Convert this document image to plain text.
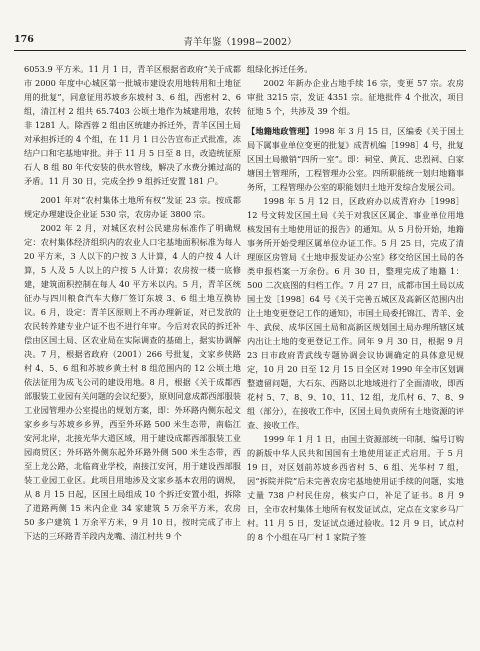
176	青羊年鉴（1998−2002）

6053.9 平方米。11 月 1 日，青羊区根据省政府“关于成都市 2000 年度中心城区第一批城市建设农用地转用和土地征用的批复”，同意征用苏坡乡东坡村 3、6 组，西密村 2、6 组，清江村 2 组共 65.7403 公顷土地作为城建用地，农转非 1281 人。除西蓉 2 组由区统建办拆迁外，青羊区国土局对承担拆迁的 4 个组，在 11 月 1 日公告宣布正式批准，冻结户口和宅基地审批。并于 11 月 5 日至 8 日，改造统征原石人 8 组 80 年代安装的供水管线，解决了水费分摊过高的矛盾。11 月 30 日，完成全抄 9 组拆迁安置 181 户。

2001 年对“农村集体土地所有权”发证 23 宗。按成都规定办理建设企业证 530 宗，农房办证 3800 宗。

2002 年 2 月，对城区农村公民建房标准作了明确规定：农村集体经济组织内的农业人口宅基地面积标准为每人 20 平方米，3 人以下的户按 3 人计算，4 人的户按 4 人计算，5 人及 5 人以上的户按 5 人计算；农房按一楼一底修建，建筑面积控制在每人 40 平方米以内。5 月，青羊区统征办与四川粮食汽车大修厂签订东坡 3、6 组土地互换协议。6 月，设定：青羊区原则上不再办理新证，对已发放的农民转养建专业户证不也不进行年审。今后对农民的拆迁补偿由区国土局、区农业局在实际调查的基础上，据实协调解决。7 月，根据省政府（2001）266 号批复，文家乡侠路村 4、5、6 组和苏坡乡黄土村 8 组范围内的 12 公顷土地依法征用为成飞公司的建设用地。8 月，根据《关于成都西部服装工业园有关问题的会议纪要》，原则同意成都西部服装工业园管理办公室提出的规划方案，即：外环路内侧东起文家乡乡与苏坡乡乡界，西至外环路 500 米生态带，南临江安河北岸，北接光华大道区域，用于建设成都西部服装工业园商贸区；外环路外侧东起外环路外侧 500 米生态带，西至上龙公路，北临商业学校，南接江安河，用于建设西部服装工业园工业区。此项目用地涉及文家乡基本农用的调规，从 8 月 15 日起，区国土局组成 10 个拆迁安置小组，拆除了道路两侧 15 米内企业 34 家建筑 5 万余平方米，农房 50 多户建筑 1 万余平方米，9 月 10 日，按时完成了市上下达的三环路青羊段内龙嘴、清江村共 9 个

组绿化拆迁任务。

2002 年新办企业占地手续 16 宗，变更 57 宗。农房审批 3215 宗，发证 4351 宗。征地批件 4 个批次，项目征地 5 个，共涉及 39 个组。

【地籍地政管理】1998 年 3 月 15 日，区编委《关于国土局下属事业单位变更的批复》成青机编［1998］4 号，批复区国土局撤销“四所一室”。即：祠堂、黄瓦、忠烈祠、白家塘国土管理所，工程管理办公室。四所职能统一划归地籍事务所，工程管理办公室的职能划归土地开发综合发展公司。

1998 年 5 月 12 日，区政府办以成青府办［1998］12 号文转发区国土局《关于对我区区属企、事业单位用地核发国有土地使用证的报告》的通知。从 5 月份开始，地籍事务所开始受理区属单位办证工作。5 月 25 日，完成了清理原区房管局《土地申报发证办公室》移交给区国土局的各类申报档案一万余份。6 月 30 日，整理完成了地籍 1：500 二次底图的归档工作。7 月 27 日，成都市国土局以成国土发［1998］64 号《关于完善五城区及高新区范围内出让土地变更登记工作的通知》，市国土局委托锦江、青羊、金牛、武侯、成华区国土局和高新区规划国土局办理所辖区域内出让土地的变更登记工作。同年 9 月 30 日，根据 9 月 23 日市政府青武线专题协调会议协调确定的具体意见规定，10 月 20 日至 12 月 15 日全区对 1990 年全市区划调整遗留问题，大石东、西路以北地域进行了全面清收，即西花村 5、7、8、9、10、11、12 组，龙爪村 6、7、8、9 组（部分），在接收工作中，区国土局负责所有土地资源的评查、接收工作。

1999 年 1 月 1 日，由国土资源部统一印制、编号订购的新版中华人民共和国国有土地使用证正式启用。于 5 月 19 日，对区划前苏坡乡西省村 5、6 组、光华村 7 组，因“拆院并院”后未完善农房宅基地使用证手续的问题，实地丈量 738 户村民住房，核实户口，补足了证书。8 月 9 日，全市农村集体土地所有权发证试点，定点在文家乡马厂村。11 月 5 日，发证试点通过验收。12 月 9 日，试点村的 8 个小组在马厂村 1 家院子签
